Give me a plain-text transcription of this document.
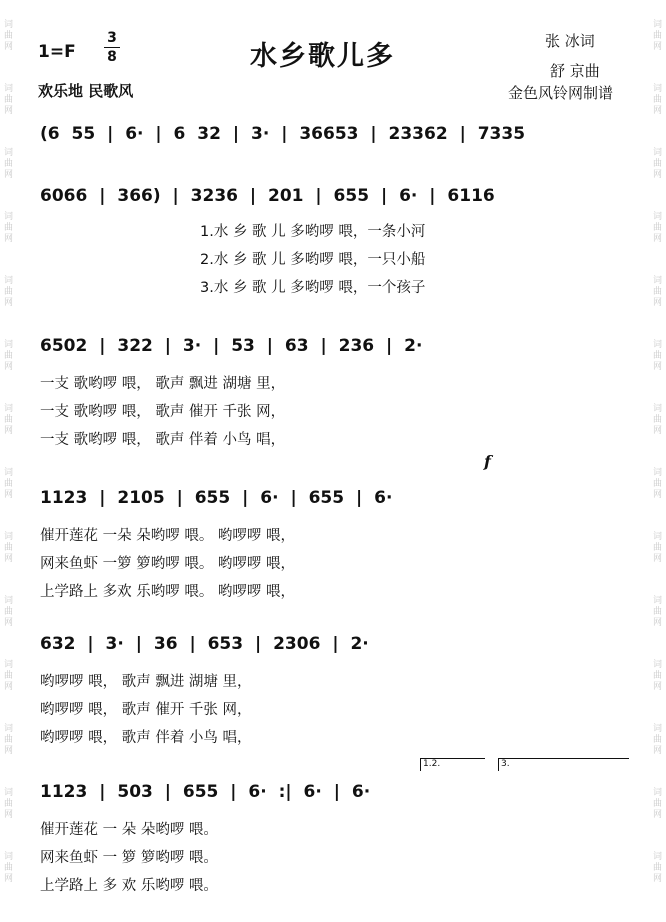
词
曲
网
词
曲
网
词
曲
网
词
曲
网
词
曲
网
词
曲
网
词
曲
网
词
曲
网
词
曲
网
词
曲
网
词
曲
网
词
曲
网
词
曲
网
词
曲
网
词
曲
网
词
曲
网
词
曲
网
词
曲
网
词
曲
网
词
曲
网
词
曲
网
词
曲
网
词
曲
网
词
曲
网
词
曲
网
词
曲
网
词
曲
网
词
曲
网
1=F
3
8	水乡歌儿多	张 冰词
舒 京曲
欢乐地 民歌风	金色风铃网制谱
(6 55 | 6· | 6 32 | 3· | 36653 | 23362 | 7335
6066 | 366) | 3236 | 201 | 655 | 6· | 6116
1.水 乡 歌 儿 多哟啰 喂，一条小河
2.水 乡 歌 儿 多哟啰 喂，一只小船
3.水 乡 歌 儿 多哟啰 喂，一个孩子
6502 | 322 | 3· | 53 | 63 | 236 | 2·
一支 歌哟啰 喂， 歌声 飘进 湖塘 里，
一支 歌哟啰 喂， 歌声 催开 千张 网，
一支 歌哟啰 喂， 歌声 伴着 小鸟 唱，
f
1123 | 2105 | 655 | 6· | 655 | 6·
催开莲花 一朵 朵哟啰 喂。 哟啰啰 喂，
网来鱼虾 一箩 箩哟啰 喂。 哟啰啰 喂，
上学路上 多欢 乐哟啰 喂。 哟啰啰 喂，
632 | 3· | 36 | 653 | 2306 | 2·
哟啰啰 喂， 歌声 飘进 湖塘 里，
哟啰啰 喂， 歌声 催开 千张 网，
哟啰啰 喂， 歌声 伴着 小鸟 唱，
1.2.	3.
1123 | 503 | 655 | 6· :| 6· | 6·
催开莲花 一 朵 朵哟啰 喂。
网来鱼虾 一 箩 箩哟啰 喂。
上学路上 多 欢 乐哟啰 喂。
